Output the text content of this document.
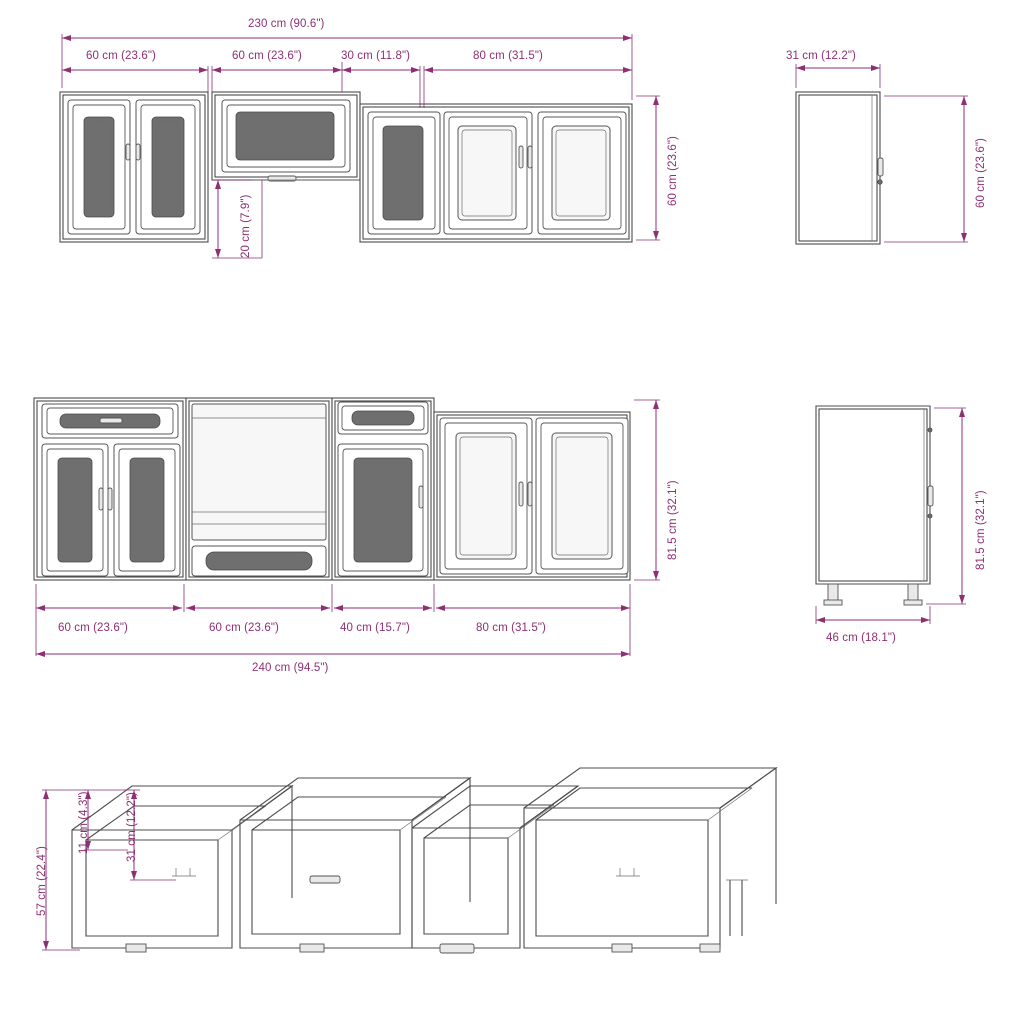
230 cm (90.6")
60 cm (23.6")	60 cm (23.6")	30 cm (11.8")	80 cm (31.5")
60 cm (23.6")
20 cm (7.9")
31 cm (12.2")
60 cm (23.6")
81.5 cm (32.1")
60 cm (23.6")	60 cm (23.6")	40 cm (15.7")	80 cm (31.5")
240 cm (94.5")
81.5 cm (32.1")
46 cm (18.1")
57 cm (22.4")
11 cm (4.3")	31 cm (12.2")
